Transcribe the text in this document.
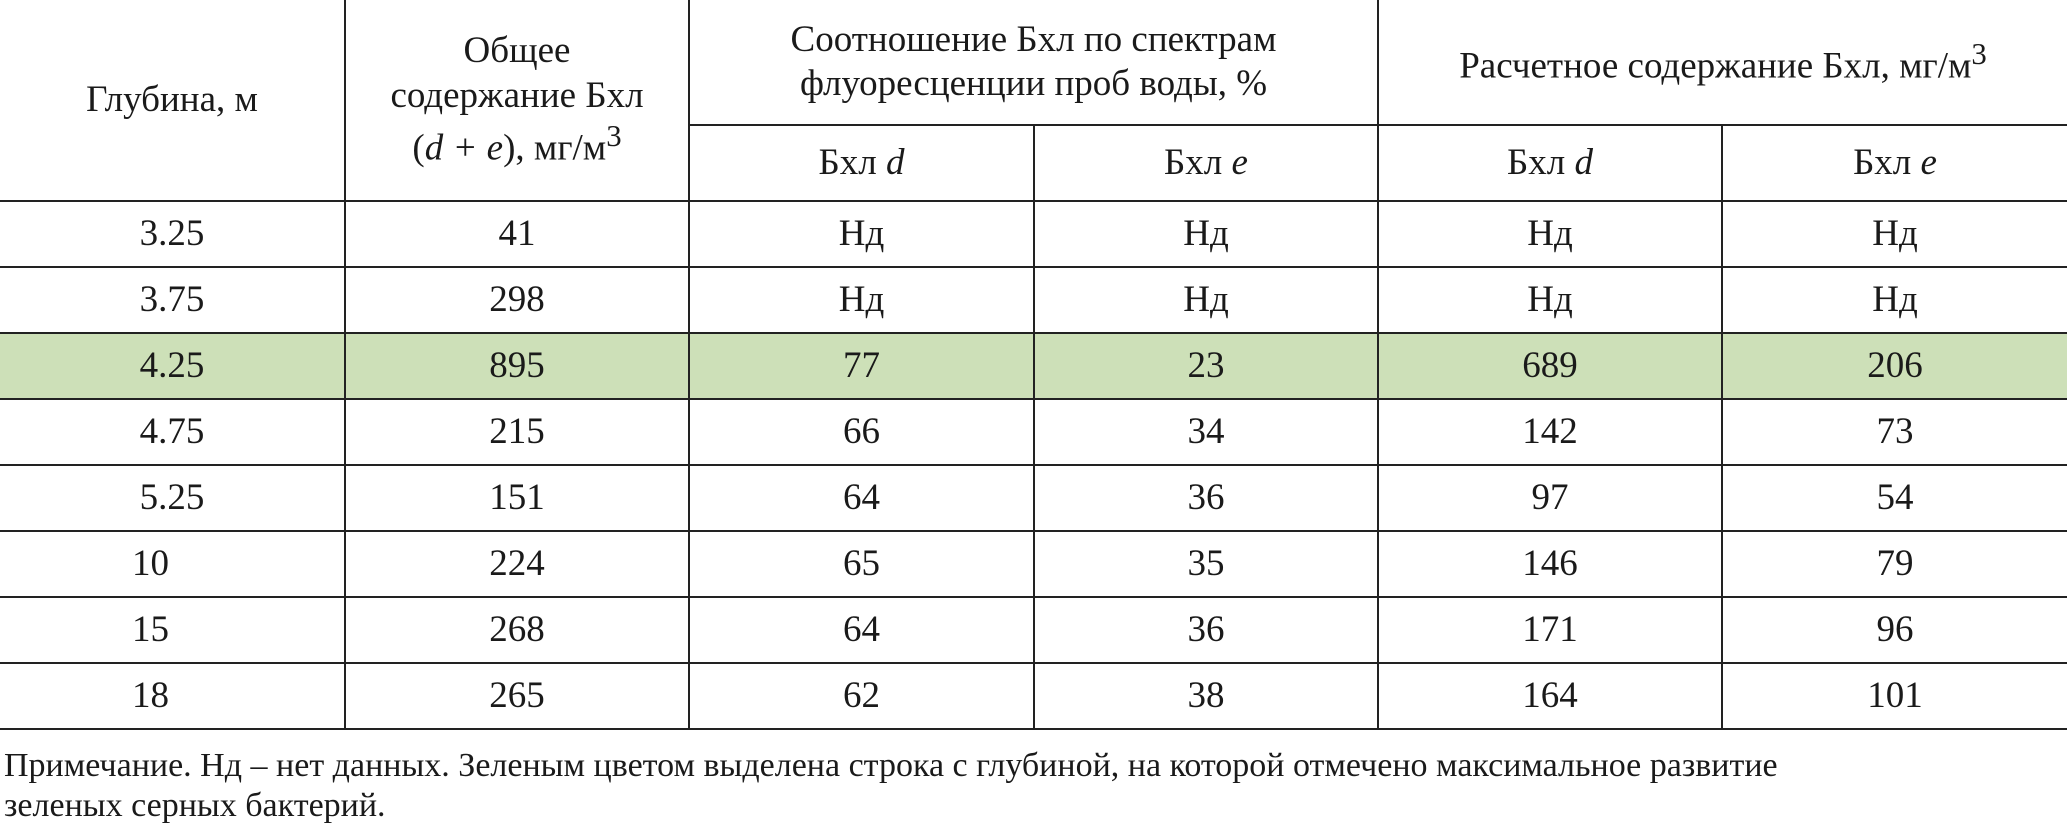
Глубина, м	Общее
содержание Бхл
(d + e), $мг/м^3$	Соотношение Бхл по спектрам
флуоресценции проб воды, %		Расчетное содержание Бхл, $мг/м^3$
		Бхл d	Бхл e	Бхл d	Бхл e
3.25	41	Нд	Нд	Нд	Нд
3.75	298	Нд	Нд	Нд	Нд
4.25	895	77	23	689	206
4.75	215	66	34	142	73
5.25	151	64	36	97	54
10	224	65	35	146	79
15	268	64	36	171	96
18	265	62	38	164	101
Примечание. Нд – нет данных. Зеленым цветом выделена строка с глубиной, на которой отмечено максимальное развитие
зеленых серных бактерий.
